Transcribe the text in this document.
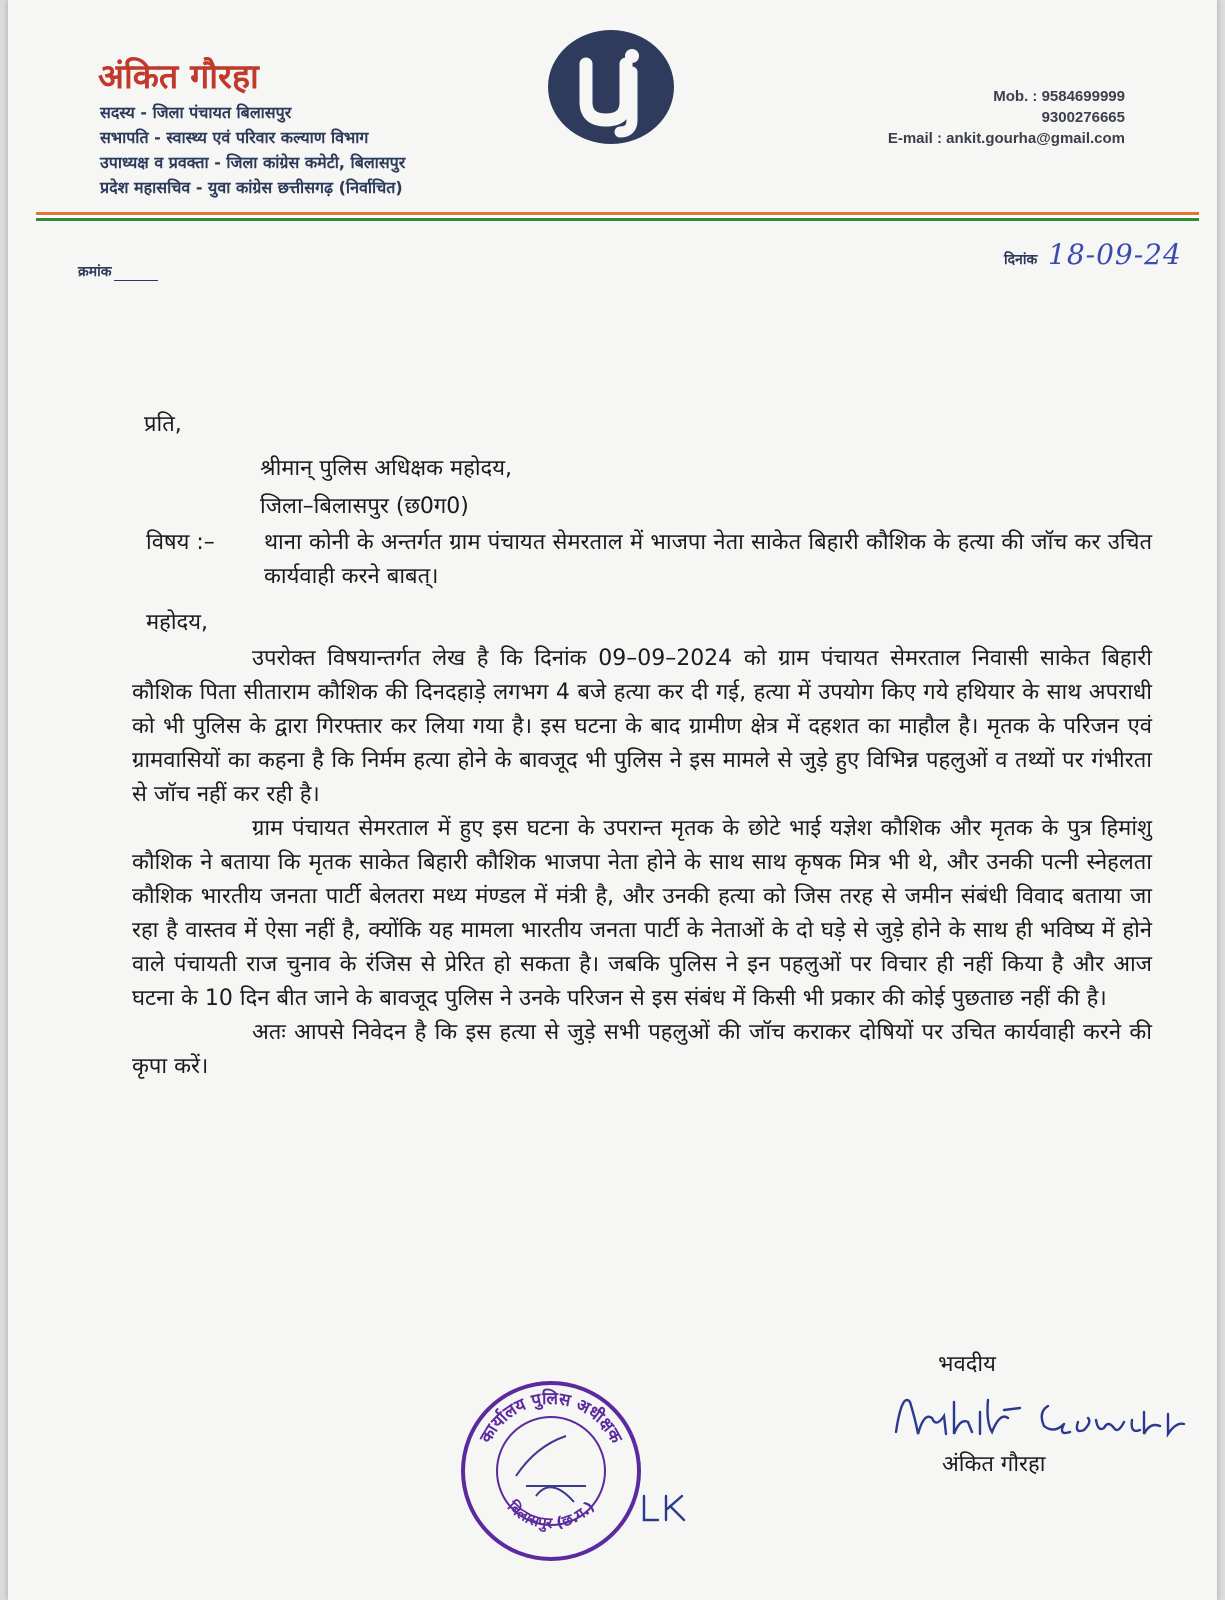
अंकित गौरहा
सदस्य - जिला पंचायत बिलासपुर
सभापति - स्वास्थ्य एवं परिवार कल्याण विभाग
उपाध्यक्ष व प्रवक्ता - जिला कांग्रेस कमेटी, बिलासपुर
प्रदेश महासचिव - युवा कांग्रेस छत्तीसगढ़ (निर्वाचित)
Mob. : 9584699999
9300276665
E-mail : ankit.gourha@gmail.com
क्रमांक
दिनांक 18-09-24
प्रति,
श्रीमान् पुलिस अधिक्षक महोदय,
जिला–बिलासपुर (छ0ग0)
विषय :–	थाना कोनी के अन्तर्गत ग्राम पंचायत सेमरताल में भाजपा नेता साकेत बिहारी कौशिक के हत्या की जॉच कर उचित कार्यवाही करने बाबत्।
महोदय,

उपरोक्त विषयान्तर्गत लेख है कि दिनांक 09–09–2024 को ग्राम पंचायत सेमरताल निवासी साकेत बिहारी कौशिक पिता सीताराम कौशिक की दिनदहाड़े लगभग 4 बजे हत्या कर दी गई, हत्या में उपयोग किए गये हथियार के साथ अपराधी को भी पुलिस के द्वारा गिरफ्तार कर लिया गया है। इस घटना के बाद ग्रामीण क्षेत्र में दहशत का माहौल है। मृतक के परिजन एवं ग्रामवासियों का कहना है कि निर्मम हत्या होने के बावजूद भी पुलिस ने इस मामले से जुड़े हुए विभिन्न पहलुओं व तथ्यों पर गंभीरता से जॉच नहीं कर रही है।

ग्राम पंचायत सेमरताल में हुए इस घटना के उपरान्त मृतक के छोटे भाई यज्ञेश कौशिक और मृतक के पुत्र हिमांशु कौशिक ने बताया कि मृतक साकेत बिहारी कौशिक भाजपा नेता होने के साथ साथ कृषक मित्र भी थे, और उनकी पत्नी स्नेहलता कौशिक भारतीय जनता पार्टी बेलतरा मध्य मंण्डल में मंत्री है, और उनकी हत्या को जिस तरह से जमीन संबंधी विवाद बताया जा रहा है वास्तव में ऐसा नहीं है, क्योंकि यह मामला भारतीय जनता पार्टी के नेताओं के दो घड़े से जुड़े होने के साथ ही भविष्य में होने वाले पंचायती राज चुनाव के रंजिस से प्रेरित हो सकता है। जबकि पुलिस ने इन पहलुओं पर विचार ही नहीं किया है और आज घटना के 10 दिन बीत जाने के बावजूद पुलिस ने उनके परिजन से इस संबंध में किसी भी प्रकार की कोई पुछताछ नहीं की है।

अतः आपसे निवेदन है कि इस हत्या से जुड़े सभी पहलुओं की जॉच कराकर दोषियों पर उचित कार्यवाही करने की कृपा करें।

भवदीय
अंकित गौरहा
कार्यालय पुलिस अधीक्षक
बिलासपुर (छ.ग.)
